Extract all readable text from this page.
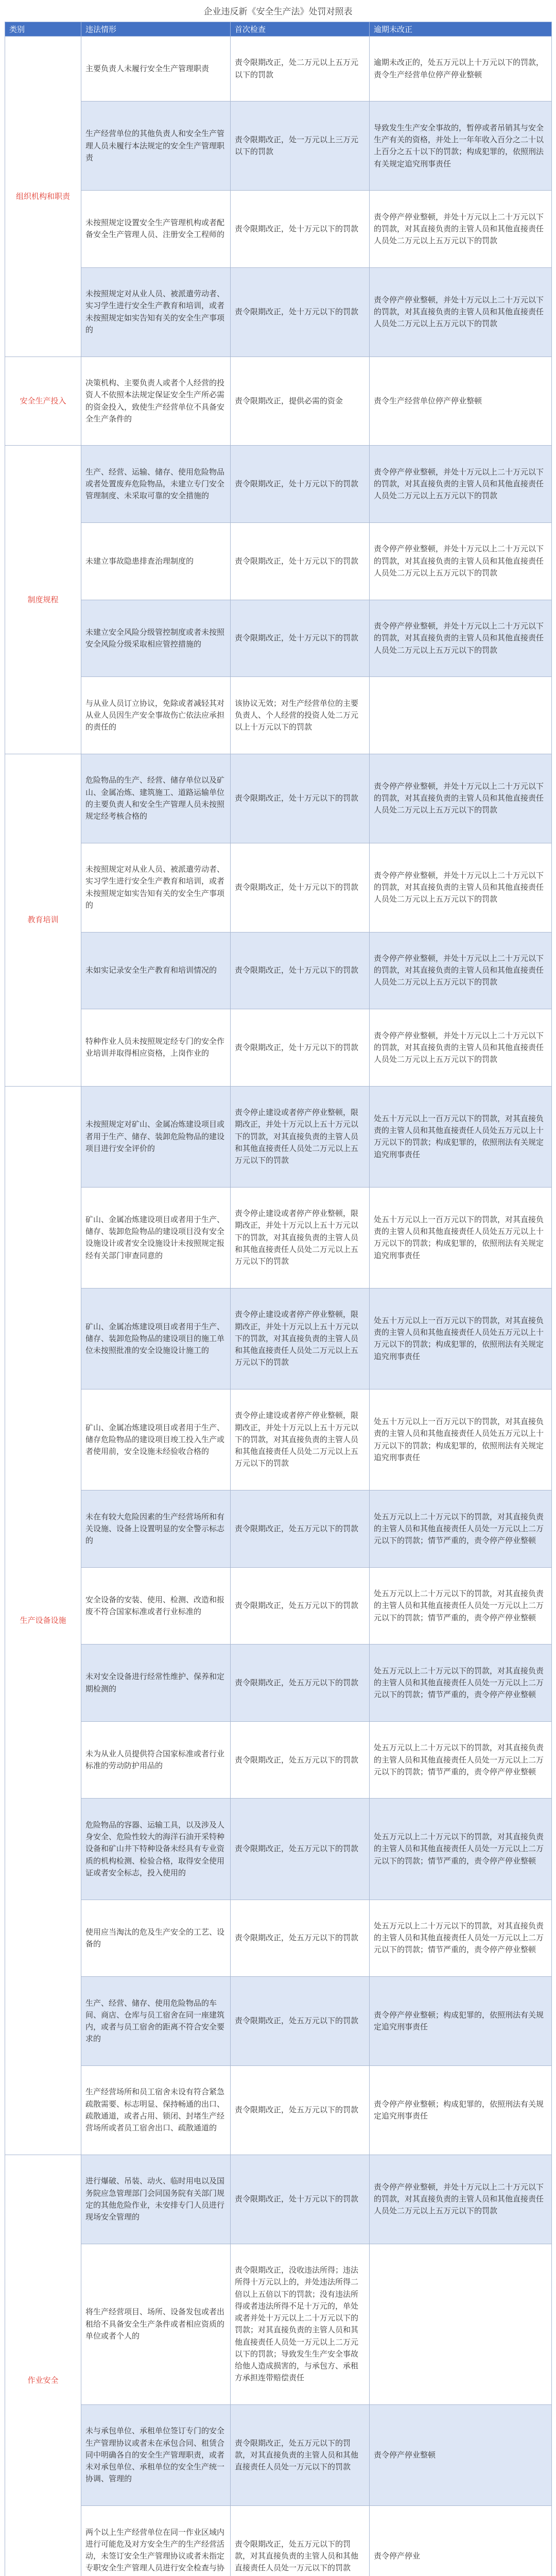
企业违反新《安全生产法》处罚对照表
类别	违法情形	首次检查	逾期未改正
组织机构和职责	主要负责人未履行安全生产管理职责	责令限期改正，处二万元以上五万元以下的罚款	逾期未改正的，处五万元以上十万元以下的罚款，责令生产经营单位停产停业整顿
	生产经营单位的其他负责人和安全生产管理人员未履行本法规定的安全生产管理职责	责令限期改正，处一万元以上三万元以下的罚款	导致发生生产安全事故的，暂停或者吊销其与安全生产有关的资格，并处上一年年收入百分之二十以上百分之五十以下的罚款；构成犯罪的，依照刑法有关规定追究刑事责任
	未按照规定设置安全生产管理机构或者配备安全生产管理人员、注册安全工程师的	责令限期改正，处十万元以下的罚款	责令停产停业整顿，并处十万元以上二十万元以下的罚款，对其直接负责的主管人员和其他直接责任人员处二万元以上五万元以下的罚款
	未按照规定对从业人员、被派遣劳动者、实习学生进行安全生产教育和培训，或者未按照规定如实告知有关的安全生产事项的	责令限期改正，处十万元以下的罚款	责令停产停业整顿，并处十万元以上二十万元以下的罚款，对其直接负责的主管人员和其他直接责任人员处二万元以上五万元以下的罚款
安全生产投入	决策机构、主要负责人或者个人经营的投资人不依照本法规定保证安全生产所必需的资金投入，致使生产经营单位不具备安全生产条件的	责令限期改正，提供必需的资金	责令生产经营单位停产停业整顿
制度规程	生产、经营、运输、储存、使用危险物品或者处置废弃危险物品，未建立专门安全管理制度、未采取可靠的安全措施的	责令限期改正，处十万元以下的罚款	责令停产停业整顿，并处十万元以上二十万元以下的罚款，对其直接负责的主管人员和其他直接责任人员处二万元以上五万元以下的罚款
	未建立事故隐患排查治理制度的	责令限期改正，处十万元以下的罚款	责令停产停业整顿，并处十万元以上二十万元以下的罚款，对其直接负责的主管人员和其他直接责任人员处二万元以上五万元以下的罚款
	未建立安全风险分级管控制度或者未按照安全风险分级采取相应管控措施的	责令限期改正，处十万元以下的罚款	责令停产停业整顿，并处十万元以上二十万元以下的罚款，对其直接负责的主管人员和其他直接责任人员处二万元以上五万元以下的罚款
	与从业人员订立协议，免除或者减轻其对从业人员因生产安全事故伤亡依法应承担的责任的	该协议无效；对生产经营单位的主要负责人、个人经营的投资人处二万元以上十万元以下的罚款	
教育培训	危险物品的生产、经营、储存单位以及矿山、金属冶炼、建筑施工、道路运输单位的主要负责人和安全生产管理人员未按照规定经考核合格的	责令限期改正，处十万元以下的罚款	责令停产停业整顿，并处十万元以上二十万元以下的罚款，对其直接负责的主管人员和其他直接责任人员处二万元以上五万元以下的罚款
	未按照规定对从业人员、被派遣劳动者、实习学生进行安全生产教育和培训，或者未按照规定如实告知有关的安全生产事项的	责令限期改正，处十万元以下的罚款	责令停产停业整顿，并处十万元以上二十万元以下的罚款，对其直接负责的主管人员和其他直接责任人员处二万元以上五万元以下的罚款
	未如实记录安全生产教育和培训情况的	责令限期改正，处十万元以下的罚款	责令停产停业整顿，并处十万元以上二十万元以下的罚款，对其直接负责的主管人员和其他直接责任人员处二万元以上五万元以下的罚款
	特种作业人员未按照规定经专门的安全作业培训并取得相应资格，上岗作业的	责令限期改正，处十万元以下的罚款	责令停产停业整顿，并处十万元以上二十万元以下的罚款，对其直接负责的主管人员和其他直接责任人员处二万元以上五万元以下的罚款
生产设备设施	未按照规定对矿山、金属冶炼建设项目或者用于生产、储存、装卸危险物品的建设项目进行安全评价的	责令停止建设或者停产停业整顿，限期改正，并处十万元以上五十万元以下的罚款，对其直接负责的主管人员和其他直接责任人员处二万元以上五万元以下的罚款	处五十万元以上一百万元以下的罚款，对其直接负责的主管人员和其他直接责任人员处五万元以上十万元以下的罚款；构成犯罪的，依照刑法有关规定追究刑事责任
	矿山、金属冶炼建设项目或者用于生产、储存、装卸危险物品的建设项目没有安全设施设计或者安全设施设计未按照规定报经有关部门审查同意的	责令停止建设或者停产停业整顿，限期改正，并处十万元以上五十万元以下的罚款，对其直接负责的主管人员和其他直接责任人员处二万元以上五万元以下的罚款	处五十万元以上一百万元以下的罚款，对其直接负责的主管人员和其他直接责任人员处五万元以上十万元以下的罚款；构成犯罪的，依照刑法有关规定追究刑事责任
	矿山、金属冶炼建设项目或者用于生产、储存、装卸危险物品的建设项目的施工单位未按照批准的安全设施设计施工的	责令停止建设或者停产停业整顿，限期改正，并处十万元以上五十万元以下的罚款，对其直接负责的主管人员和其他直接责任人员处二万元以上五万元以下的罚款	处五十万元以上一百万元以下的罚款，对其直接负责的主管人员和其他直接责任人员处五万元以上十万元以下的罚款；构成犯罪的，依照刑法有关规定追究刑事责任
	矿山、金属冶炼建设项目或者用于生产、储存危险物品的建设项目竣工投入生产或者使用前，安全设施未经验收合格的	责令停止建设或者停产停业整顿，限期改正，并处十万元以上五十万元以下的罚款，对其直接负责的主管人员和其他直接责任人员处二万元以上五万元以下的罚款	处五十万元以上一百万元以下的罚款，对其直接负责的主管人员和其他直接责任人员处五万元以上十万元以下的罚款；构成犯罪的，依照刑法有关规定追究刑事责任
	未在有较大危险因素的生产经营场所和有关设施、设备上设置明显的安全警示标志的	责令限期改正，处五万元以下的罚款	处五万元以上二十万元以下的罚款，对其直接负责的主管人员和其他直接责任人员处一万元以上二万元以下的罚款；情节严重的，责令停产停业整顿
	安全设备的安装、使用、检测、改造和报废不符合国家标准或者行业标准的	责令限期改正，处五万元以下的罚款	处五万元以上二十万元以下的罚款，对其直接负责的主管人员和其他直接责任人员处一万元以上二万元以下的罚款；情节严重的，责令停产停业整顿
	未对安全设备进行经常性维护、保养和定期检测的	责令限期改正，处五万元以下的罚款	处五万元以上二十万元以下的罚款，对其直接负责的主管人员和其他直接责任人员处一万元以上二万元以下的罚款；情节严重的，责令停产停业整顿
	未为从业人员提供符合国家标准或者行业标准的劳动防护用品的	责令限期改正，处五万元以下的罚款	处五万元以上二十万元以下的罚款，对其直接负责的主管人员和其他直接责任人员处一万元以上二万元以下的罚款；情节严重的，责令停产停业整顿
	危险物品的容器、运输工具，以及涉及人身安全、危险性较大的海洋石油开采特种设备和矿山井下特种设备未经具有专业资质的机构检测、检验合格，取得安全使用证或者安全标志，投入使用的	责令限期改正，处五万元以下的罚款	处五万元以上二十万元以下的罚款，对其直接负责的主管人员和其他直接责任人员处一万元以上二万元以下的罚款；情节严重的，责令停产停业整顿
	使用应当淘汰的危及生产安全的工艺、设备的	责令限期改正，处五万元以下的罚款	处五万元以上二十万元以下的罚款，对其直接负责的主管人员和其他直接责任人员处一万元以上二万元以下的罚款；情节严重的，责令停产停业整顿
	生产、经营、储存、使用危险物品的车间、商店、仓库与员工宿舍在同一座建筑内，或者与员工宿舍的距离不符合安全要求的	责令限期改正，处五万元以下的罚款	责令停产停业整顿；构成犯罪的，依照刑法有关规定追究刑事责任
	生产经营场所和员工宿舍未设有符合紧急疏散需要、标志明显、保持畅通的出口、疏散通道，或者占用、锁闭、封堵生产经营场所或者员工宿舍出口、疏散通道的	责令限期改正，处五万元以下的罚款	责令停产停业整顿；构成犯罪的，依照刑法有关规定追究刑事责任
作业安全	进行爆破、吊装、动火、临时用电以及国务院应急管理部门会同国务院有关部门规定的其他危险作业，未安排专门人员进行现场安全管理的	责令限期改正，处十万元以下的罚款	责令停产停业整顿，并处十万元以上二十万元以下的罚款，对其直接负责的主管人员和其他直接责任人员处二万元以上五万元以下的罚款
	将生产经营项目、场所、设备发包或者出租给不具备安全生产条件或者相应资质的单位或者个人的	责令限期改正，没收违法所得；违法所得十万元以上的，并处违法所得二倍以上五倍以下的罚款；没有违法所得或者违法所得不足十万元的，单处或者并处十万元以上二十万元以下的罚款；对其直接负责的主管人员和其他直接责任人员处一万元以上二万元以下的罚款；导致发生生产安全事故给他人造成损害的，与承包方、承租方承担连带赔偿责任	
	未与承包单位、承租单位签订专门的安全生产管理协议或者未在承包合同、租赁合同中明确各自的安全生产管理职责，或者未对承包单位、承租单位的安全生产统一协调、管理的	责令限期改正，处五万元以下的罚款，对其直接负责的主管人员和其他直接责任人员处一万元以下的罚款	责令停产停业整顿
	两个以上生产经营单位在同一作业区域内进行可能危及对方安全生产的生产经营活动，未签订安全生产管理协议或者未指定专职安全生产管理人员进行安全检查与协	责令限期改正，处五万元以下的罚款，对其直接负责的主管人员和其他直接责任人员处一万元以下的罚款	责令停产停业
